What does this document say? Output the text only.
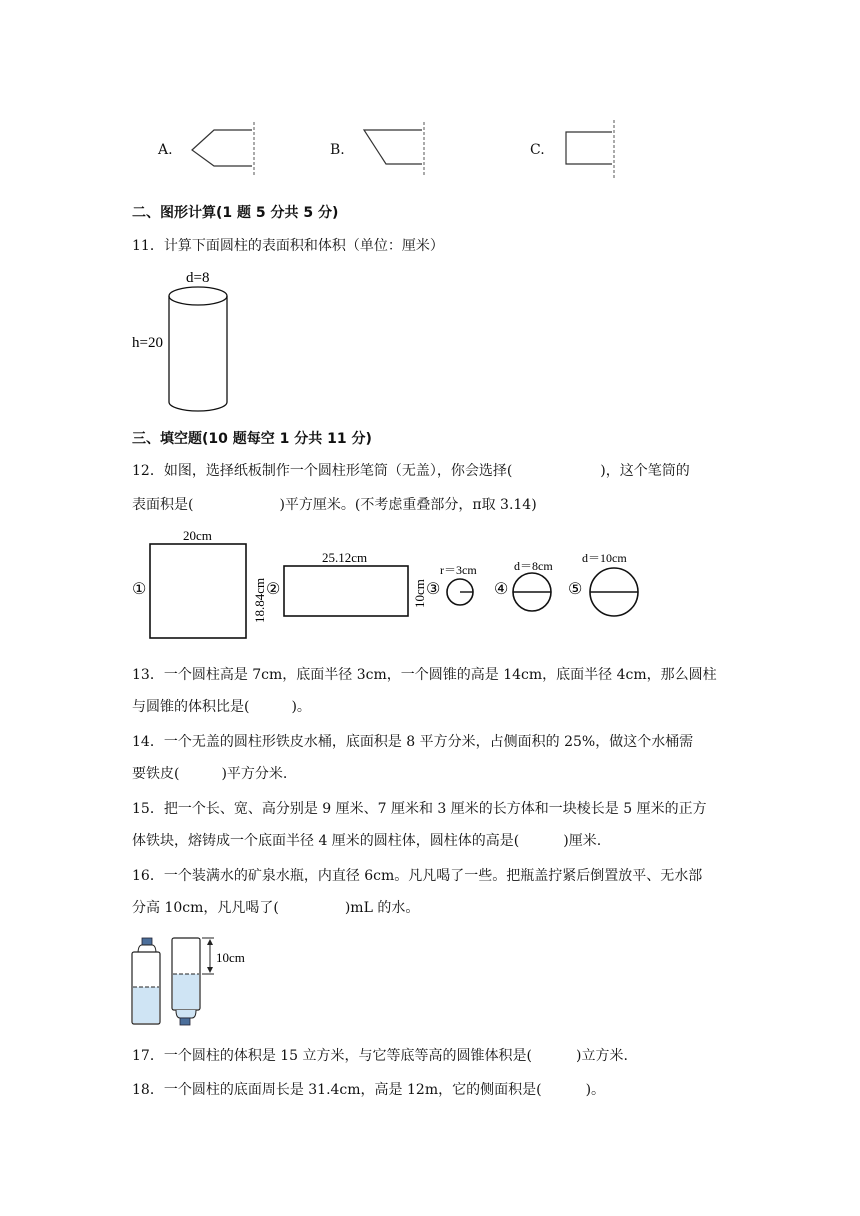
A.	B.	C.
二、图形计算(1 题 5 分共 5 分)
11．计算下面圆柱的表面积和体积（单位：厘米）
d=8
h=20
三、填空题(10 题每空 1 分共 11 分)
12．如图，选择纸板制作一个圆柱形笔筒（无盖），你会选择(	)，这个笔筒的
表面积是(	)平方厘米。(不考虑重叠部分，π取 3.14)
①
20cm
18.84cm ②
25.12cm
10cm ③
r＝3cm
④
d＝8cm
⑤
d＝10cm
13．一个圆柱高是 7cm，底面半径 3cm，一个圆锥的高是 14cm，底面半径 4cm，那么圆柱
与圆锥的体积比是(	)。
14．一个无盖的圆柱形铁皮水桶，底面积是 8 平方分米，占侧面积的 25%，做这个水桶需
要铁皮(	)平方分米.
15．把一个长、宽、高分别是 9 厘米、7 厘米和 3 厘米的长方体和一块棱长是 5 厘米的正方
体铁块，熔铸成一个底面半径 4 厘米的圆柱体，圆柱体的高是(	)厘米.
16．一个装满水的矿泉水瓶，内直径 6cm。凡凡喝了一些。把瓶盖拧紧后倒置放平、无水部
分高 10cm，凡凡喝了(	)mL 的水。
10cm
17．一个圆柱的体积是 15 立方米，与它等底等高的圆锥体积是(	)立方米.
18．一个圆柱的底面周长是 31.4cm，高是 12m，它的侧面积是(	)。
